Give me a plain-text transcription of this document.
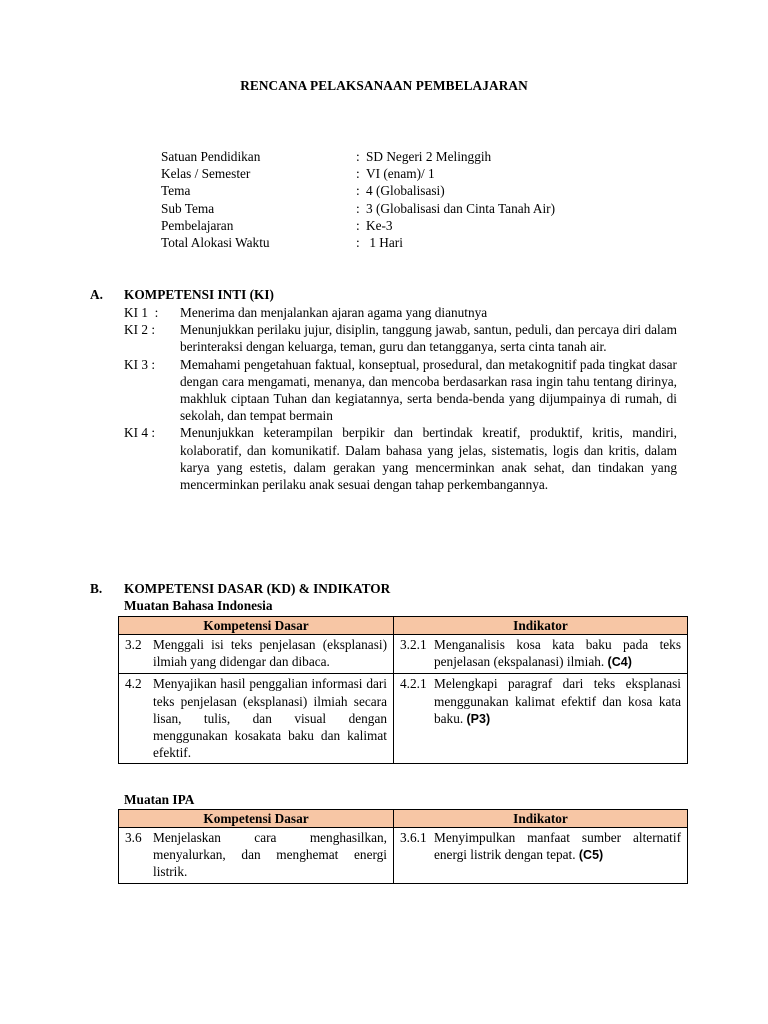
RENCANA PELAKSANAAN PEMBELAJARAN
Satuan Pendidikan	: SD Negeri 2 Melinggih
Kelas / Semester	: VI (enam)/ 1
Tema	: 4 (Globalisasi)
Sub Tema	: 3 (Globalisasi dan Cinta Tanah Air)
Pembelajaran	: Ke-3
Total Alokasi Waktu	: 1 Hari
A. KOMPETENSI INTI (KI)
KI 1  : Menerima dan menjalankan ajaran agama yang dianutnya
KI 2 : Menunjukkan perilaku jujur, disiplin, tanggung jawab, santun, peduli, dan percaya diri dalam berinteraksi dengan keluarga, teman, guru dan tetangganya, serta cinta tanah air.
KI 3 : Memahami pengetahuan faktual, konseptual, prosedural, dan metakognitif pada tingkat dasar dengan cara mengamati, menanya, dan mencoba berdasarkan rasa ingin tahu tentang dirinya, makhluk ciptaan Tuhan dan kegiatannya, serta benda-benda yang dijumpainya di rumah, di sekolah, dan tempat bermain
KI 4 : Menunjukkan keterampilan berpikir dan bertindak kreatif, produktif, kritis, mandiri, kolaboratif, dan komunikatif. Dalam bahasa yang jelas, sistematis, logis dan kritis, dalam karya yang estetis, dalam gerakan yang mencerminkan anak sehat, dan tindakan yang mencerminkan perilaku anak sesuai dengan tahap perkembangannya.
B. KOMPETENSI DASAR (KD) & INDIKATOR
Muatan Bahasa Indonesia
Kompetensi Dasar	Indikator

3.2 Menggali isi teks penjelasan (eksplanasi) ilmiah yang didengar dan dibaca.	3.2.1 Menganalisis kosa kata baku pada teks penjelasan (ekspalanasi) ilmiah. (C4)

4.2 Menyajikan hasil penggalian informasi dari teks penjelasan (eksplanasi) ilmiah secara lisan, tulis, dan visual dengan menggunakan kosakata baku dan kalimat efektif.	4.2.1 Melengkapi paragraf dari teks eksplanasi menggunakan kalimat efektif dan kosa kata baku. (P3)
Muatan IPA
Kompetensi Dasar	Indikator

3.6 Menjelaskan cara menghasilkan, menyalurkan, dan menghemat energi listrik.	3.6.1 Menyimpulkan manfaat sumber alternatif energi listrik dengan tepat. (C5)
